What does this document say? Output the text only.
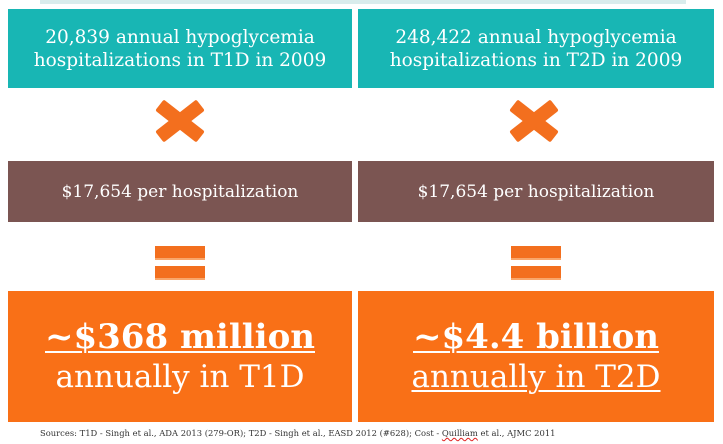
20,839 annual hypoglycemia hospitalizations in T1D in 2009
$17,654 per hospitalization
~$368 million
annually in T1D
248,422 annual hypoglycemia hospitalizations in T2D in 2009
$17,654 per hospitalization
~$4.4 billion
annually in T2D
Sources: T1D - Singh et al., ADA 2013 (279-OR); T2D - Singh et al., EASD 2012 (#628); Cost - Quilliam et al., AJMC 2011
